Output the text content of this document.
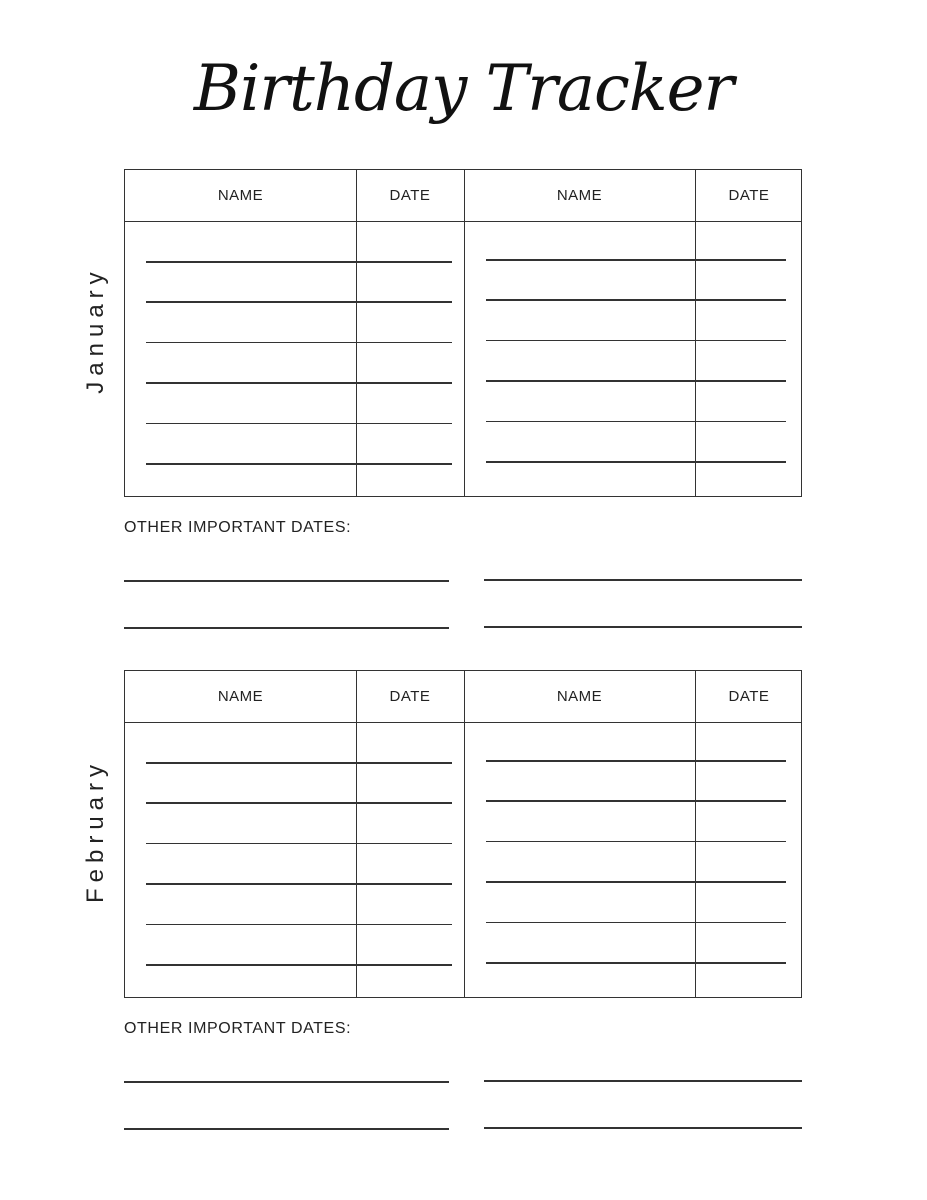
Birthday Tracker
January
NAME	DATE	NAME	DATE
OTHER IMPORTANT DATES:
February
NAME	DATE	NAME	DATE
OTHER IMPORTANT DATES:
